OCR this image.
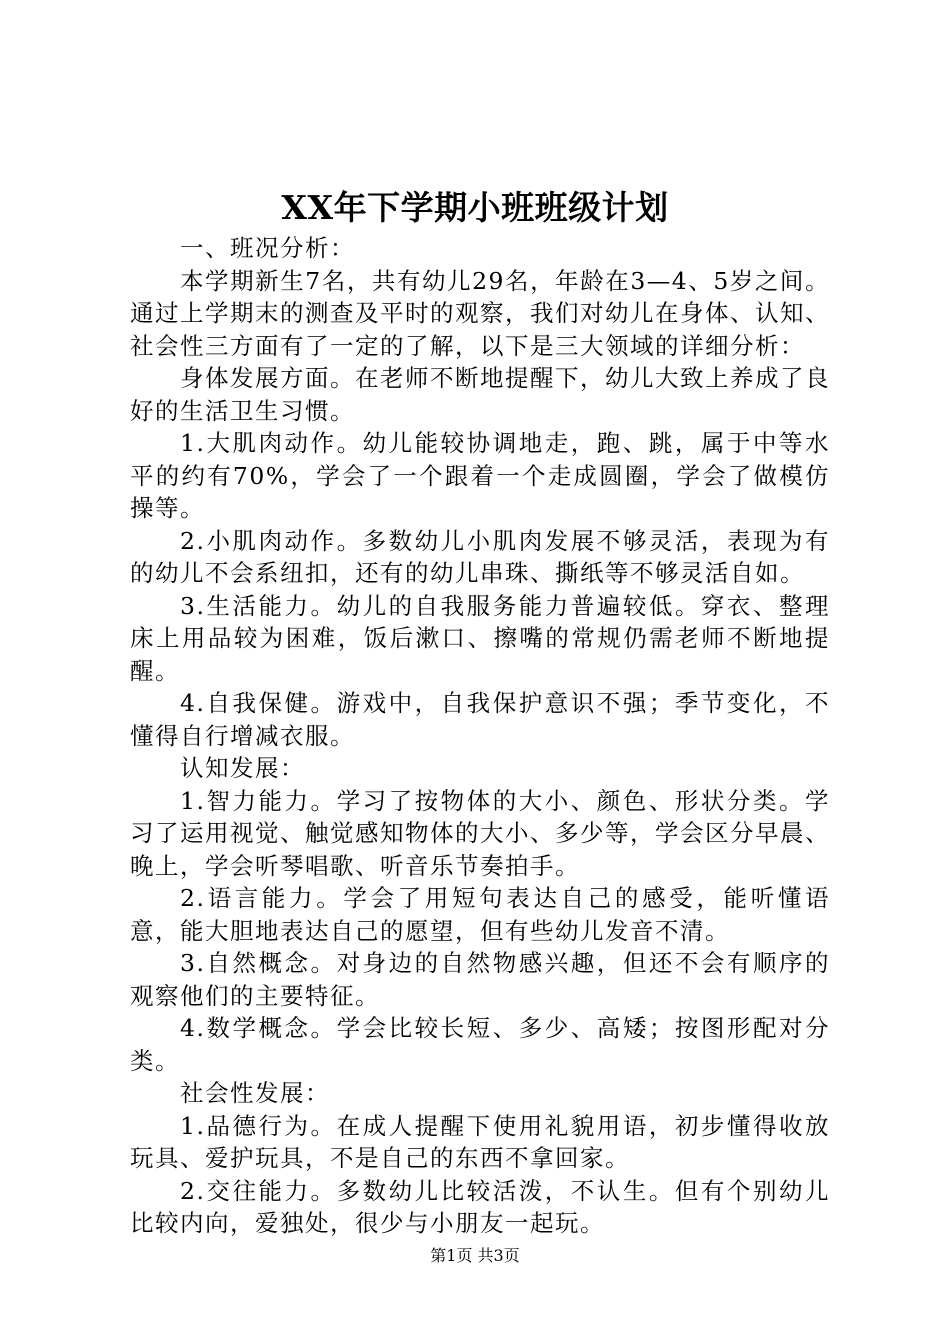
XX年下学期小班班级计划

一、班况分析：

本学期新生7名，共有幼儿29名，年龄在3—4、5岁之间。通过上学期末的测查及平时的观察，我们对幼儿在身体、认知、社会性三方面有了一定的了解，以下是三大领域的详细分析：

身体发展方面。在老师不断地提醒下，幼儿大致上养成了良好的生活卫生习惯。

1.大肌肉动作。幼儿能较协调地走，跑、跳，属于中等水平的约有70%，学会了一个跟着一个走成圆圈，学会了做模仿操等。

2.小肌肉动作。多数幼儿小肌肉发展不够灵活，表现为有的幼儿不会系纽扣，还有的幼儿串珠、撕纸等不够灵活自如。

3.生活能力。幼儿的自我服务能力普遍较低。穿衣、整理床上用品较为困难，饭后漱口、擦嘴的常规仍需老师不断地提醒。

4.自我保健。游戏中，自我保护意识不强；季节变化，不懂得自行增减衣服。

认知发展：

1.智力能力。学习了按物体的大小、颜色、形状分类。学习了运用视觉、触觉感知物体的大小、多少等，学会区分早晨、晚上，学会听琴唱歌、听音乐节奏拍手。

2.语言能力。学会了用短句表达自己的感受，能听懂语意，能大胆地表达自己的愿望，但有些幼儿发音不清。

3.自然概念。对身边的自然物感兴趣，但还不会有顺序的观察他们的主要特征。

4.数学概念。学会比较长短、多少、高矮；按图形配对分类。

社会性发展：

1.品德行为。在成人提醒下使用礼貌用语，初步懂得收放玩具、爱护玩具，不是自己的东西不拿回家。

2.交往能力。多数幼儿比较活泼，不认生。但有个别幼儿比较内向，爱独处，很少与小朋友一起玩。

第1页 共3页
